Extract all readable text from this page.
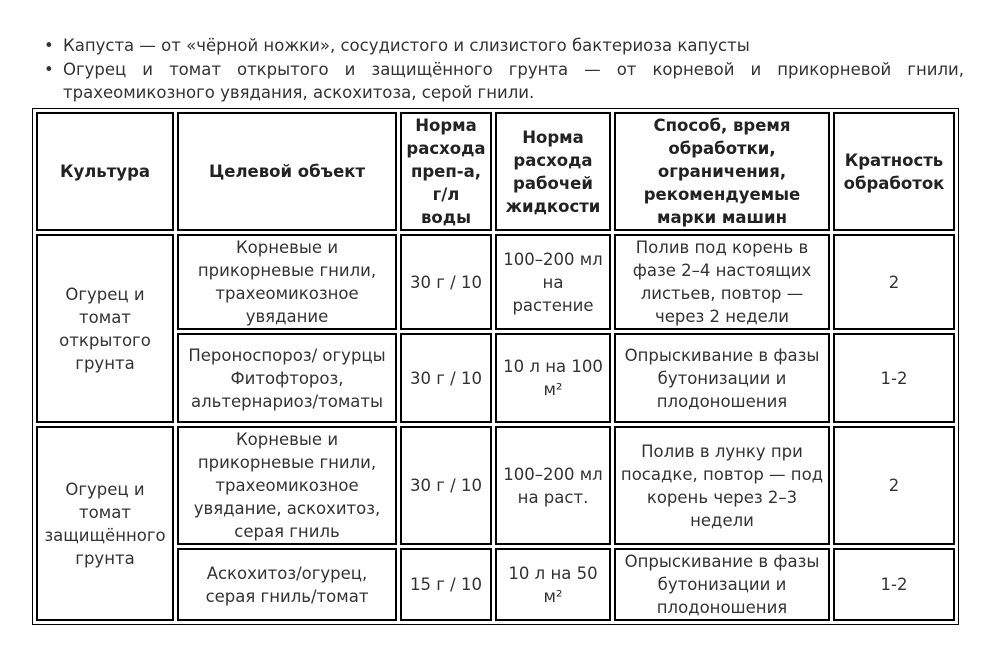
• Капуста — от «чёрной ножки», сосудистого и слизистого бактериоза капусты
• Огурец и томат открытого и защищённого грунта — от корневой и прикорневой гнили, трахеомикозного увядания, аскохитоза, серой гнили.
Культура	Целевой объект	Норма расхода преп-а, г/л воды	Норма расхода рабочей жидкости	Способ, время обработки, ограничения, рекомендуемые марки машин	Кратность обработок
Огурец и томат открытого грунта	Корневые и прикорневые гнили, трахеомикозное увядание	30 г / 10	100–200 мл на растение	Полив под корень в фазе 2–4 настоящих листьев, повтор — через 2 недели	2
	Пероноспороз/ огурцы Фитофтороз, альтернариоз/томаты	30 г / 10	10 л на 100 м²	Опрыскивание в фазы бутонизации и плодоношения	1-2
Огурец и томат защищённого грунта	Корневые и прикорневые гнили, трахеомикозное увядание, аскохитоз, серая гниль	30 г / 10	100–200 мл на раст.	Полив в лунку при посадке, повтор — под корень через 2–3 недели	2
	Аскохитоз/огурец, серая гниль/томат	15 г / 10	10 л на 50 м²	Опрыскивание в фазы бутонизации и плодоношения	1-2
